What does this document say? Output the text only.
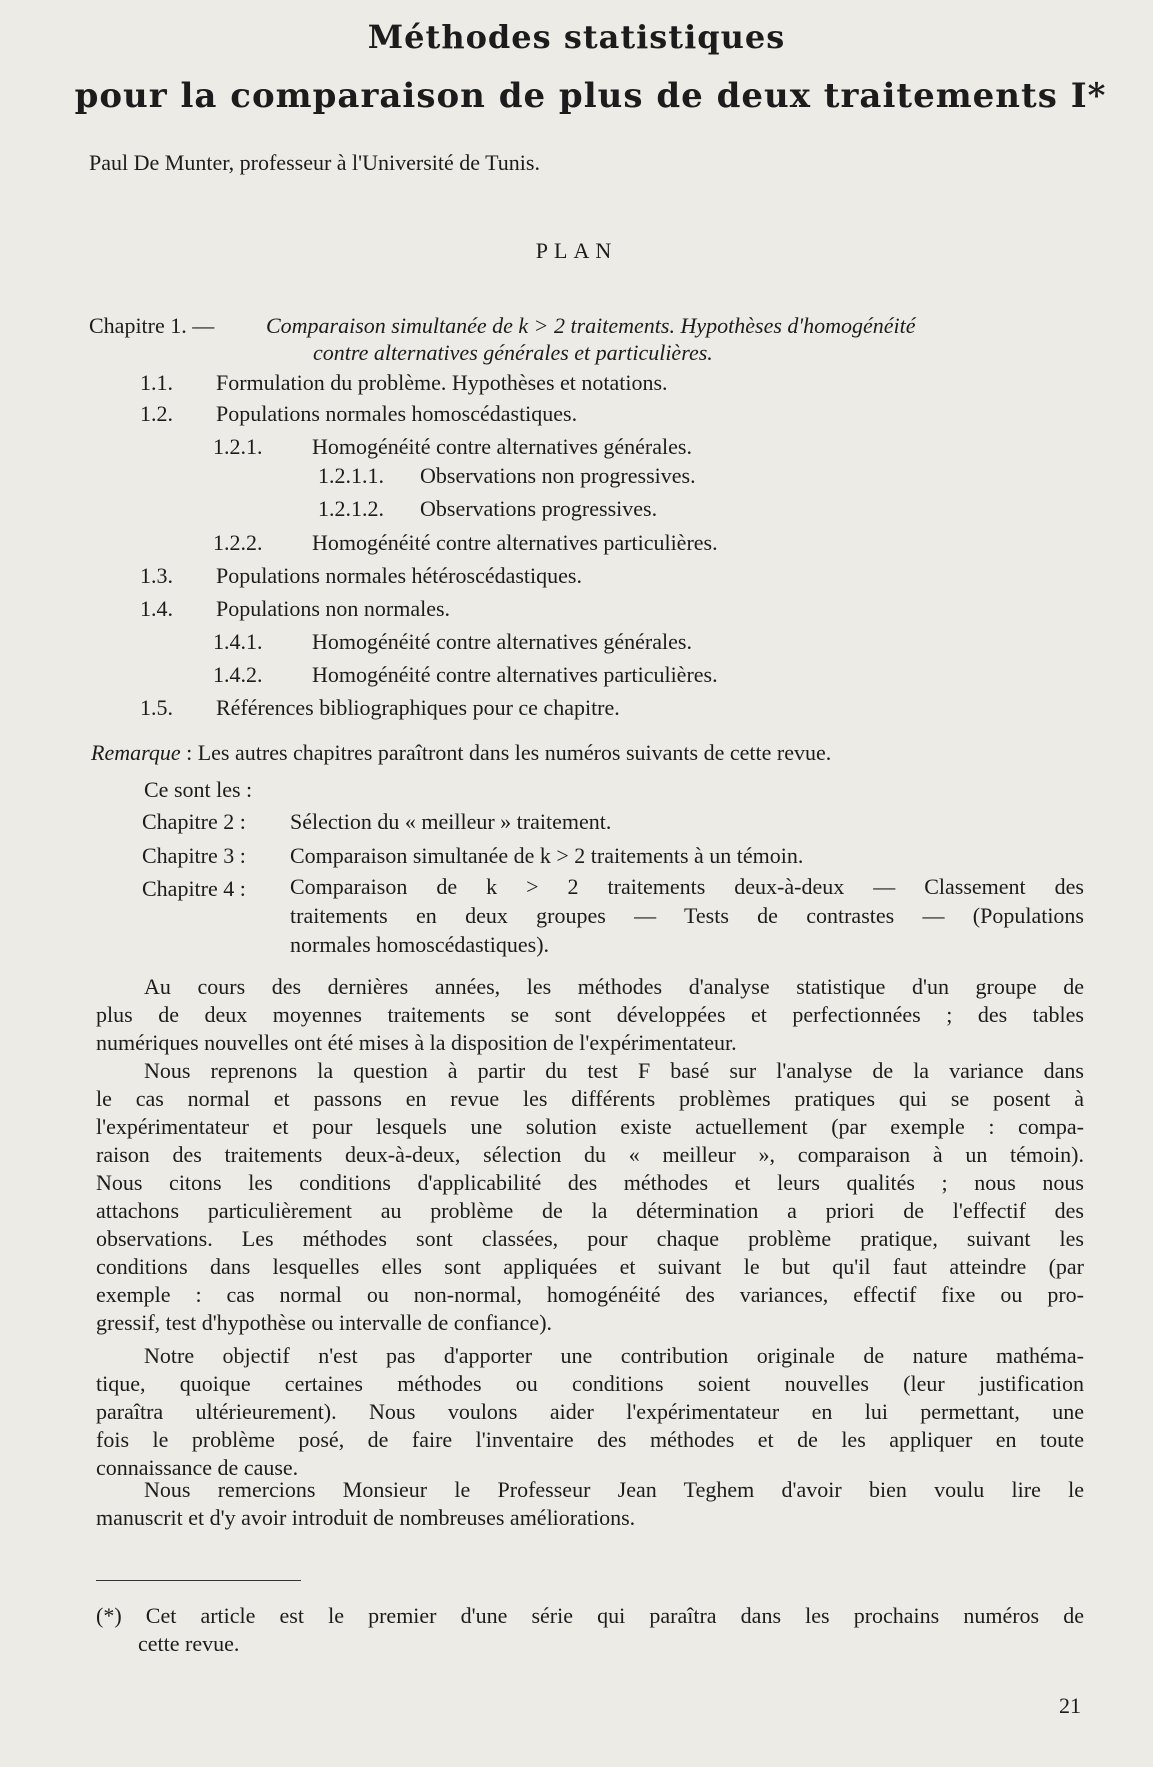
Méthodes statistiques
pour la comparaison de plus de deux traitements I*
Paul De Munter, professeur à l'Université de Tunis.
PLAN
Chapitre 1. — Comparaison simultanée de k > 2 traitements. Hypothèses d'homogénéité
contre alternatives générales et particulières.
1.1. Formulation du problème. Hypothèses et notations.
1.2. Populations normales homoscédastiques.
1.2.1. Homogénéité contre alternatives générales.
1.2.1.1. Observations non progressives.
1.2.1.2. Observations progressives.
1.2.2. Homogénéité contre alternatives particulières.
1.3. Populations normales hétéroscédastiques.
1.4. Populations non normales.
1.4.1. Homogénéité contre alternatives générales.
1.4.2. Homogénéité contre alternatives particulières.
1.5. Références bibliographiques pour ce chapitre.
Remarque : Les autres chapitres paraîtront dans les numéros suivants de cette revue.
Ce sont les :
Chapitre 2 : Sélection du « meilleur » traitement.
Chapitre 3 : Comparaison simultanée de k > 2 traitements à un témoin.
Chapitre 4 : Comparaison de k > 2 traitements deux-à-deux — Classement des
traitements en deux groupes — Tests de contrastes — (Populations
normales homoscédastiques).
Au cours des dernières années, les méthodes d'analyse statistique d'un groupe de
plus de deux moyennes traitements se sont développées et perfectionnées ; des tables
numériques nouvelles ont été mises à la disposition de l'expérimentateur.
Nous reprenons la question à partir du test F basé sur l'analyse de la variance dans
le cas normal et passons en revue les différents problèmes pratiques qui se posent à
l'expérimentateur et pour lesquels une solution existe actuellement (par exemple : compa-
raison des traitements deux-à-deux, sélection du « meilleur », comparaison à un témoin).
Nous citons les conditions d'applicabilité des méthodes et leurs qualités ; nous nous
attachons particulièrement au problème de la détermination a priori de l'effectif des
observations. Les méthodes sont classées, pour chaque problème pratique, suivant les
conditions dans lesquelles elles sont appliquées et suivant le but qu'il faut atteindre (par
exemple : cas normal ou non-normal, homogénéité des variances, effectif fixe ou pro-
gressif, test d'hypothèse ou intervalle de confiance).
Notre objectif n'est pas d'apporter une contribution originale de nature mathéma-
tique, quoique certaines méthodes ou conditions soient nouvelles (leur justification
paraîtra ultérieurement). Nous voulons aider l'expérimentateur en lui permettant, une
fois le problème posé, de faire l'inventaire des méthodes et de les appliquer en toute
connaissance de cause.
Nous remercions Monsieur le Professeur Jean Teghem d'avoir bien voulu lire le
manuscrit et d'y avoir introduit de nombreuses améliorations.
(*) Cet article est le premier d'une série qui paraîtra dans les prochains numéros de
cette revue.
21
